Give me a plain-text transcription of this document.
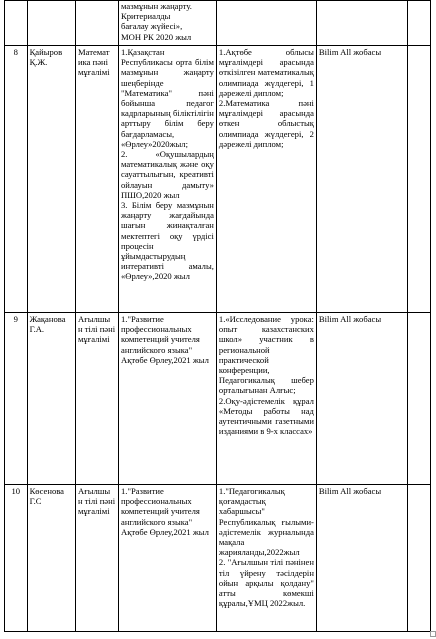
			мазмұнын жаңарту.
Критериалды
бағалау жүйесі»,
МОН РК 2020 жыл			

8	Қайыров Қ.Ж.	Математ ика пәні мұғалімі	1.Қазақстан Республикасы орта білім мазмұнын жаңарту шеңберінде "Математика" пәні бойынша педагог кадрларының біліктілігін арттыру білім беру бағдарламасы, «Өрлеу»2020жыл;
2. «Оқушылардың математикалық және оқу сауаттылығын, креативті ойлауын дамыту» ПШО,2020 жыл
3. Білім беру мазмұнын жаңарту жағдайында шағын жинақталған мектептегі оқу үрдісі процесін ұйымдастырудың интеративті амалы, «Өрлеу»,2020 жыл	1.Ақтөбе облысы мұғалімдері арасында өткізілген математикалық олимпиада жүлдегері, 1 дәрежелі диплом;
2.Математика пәні мұғалімдері арасында өткен облыстық олимпиада жүлдегері, 2 дәрежелі диплом;	Bilim All жобасы	
9	Жақанова Г.А.	Ағылшы н тілі пәні мұғалімі	1."Развитие профессиональных компетенций учителя английского языка" Ақтөбе Өрлеу,2021 жыл	1.«Исследование урока: опыт казахстанских школ» участник в региональной практической конференции, Педагогикалық шебер орталығынан Алғыс;
2.Оқу-әдістемелік құрал «Методы работы над аутентичными газетными изданиями в 9-х классах»	Bilim All жобасы	
10	Көсенова Г.С	Ағылшы н тілі пәні мұғалімі	1."Развитие профессиональных компетенций учителя английского языка" Ақтөбе Өрлеу,2021 жыл	1."Педагогикалық қоғамдастық хабаршысы" Республикалық ғылыми-әдістемелік журналында мақала жарияланды,2022жыл
2. "Ағылшын тілі пәнінен тіл үйрену тәсілдерін ойын арқылы қолдану" атты көмекші құралы,ҰМЦ 2022жыл.	Bilim All жобасы	
